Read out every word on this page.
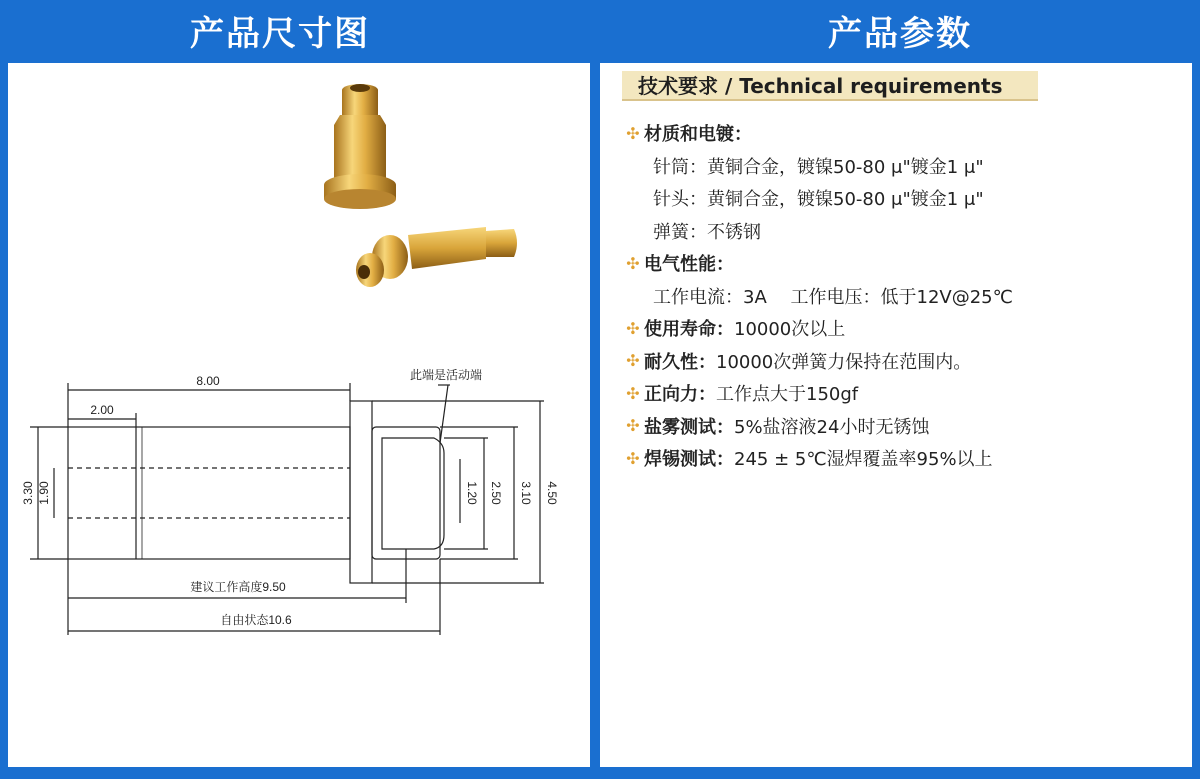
产品尺寸图	产品参数
8.00
2.00
3.30 1.90	1.20 2.50 3.10 4.50
此端是活动端
建议工作高度9.50
自由状态10.6
技术要求 / Technical requirements
✣ 材质和电镀：
针筒：黄铜合金，镀镍50-80 μ"镀金1 μ"
针头：黄铜合金，镀镍50-80 μ"镀金1 μ"
弹簧：不锈钢
✣ 电气性能：
工作电流：3A　 工作电压：低于12V@25℃
✣ 使用寿命： 10000次以上
✣ 耐久性： 10000次弹簧力保持在范围内。
✣ 正向力： 工作点大于150gf
✣ 盐雾测试： 5%盐溶液24小时无锈蚀
✣ 焊锡测试： 245 ± 5℃湿焊覆盖率95%以上
